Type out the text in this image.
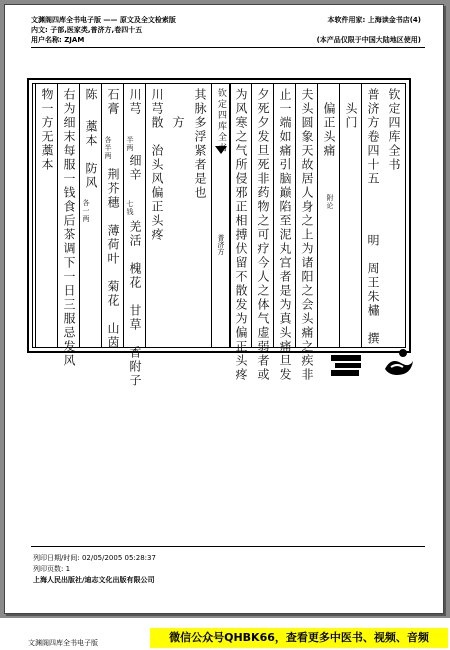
文渊阁四库全书电子版 —— 原文及全文检索版
内文: 子部,医家类,普济方,卷四十五
用户名称: ZJAM
本软件用家: 上海读金书店(4)
(本产品仅限于中国大陆地区使用)
钦定四库全书
普济方卷四十五
明　周王朱橚　撰
　头门
　偏正头痛
附论
夫头圆象天故居人身之上为诸阳之会头痛之疾非
止一端如痛引脑巅陷至泥丸宫者是为真头痛旦发
夕死夕发旦死非药物之可疗今人之体气虚弱者或
为风寒之气所侵邪正相搏伏留不散发为偏正头疼
钦定四库全书
普济方
其脉多浮紧者是也
　　方
川芎散
治头风偏正头疼
川芎
半两
细辛
七钱
羌活　槐花　甘草　香附子
石膏
各半两
荆芥穗　薄荷叶　菊花　山茵
陈
各一两
藁本　防风
右为细末每服一钱食后茶调下一日三服忌发风
物一方无藁本
列印日期/时间: 02/05/2005 05:28:37
列印页数: 1
上海人民出版社/迪志文化出版有限公司
文渊阁四库全书电子版	微信公众号QHBK66，查看更多中医书、视频、音频
